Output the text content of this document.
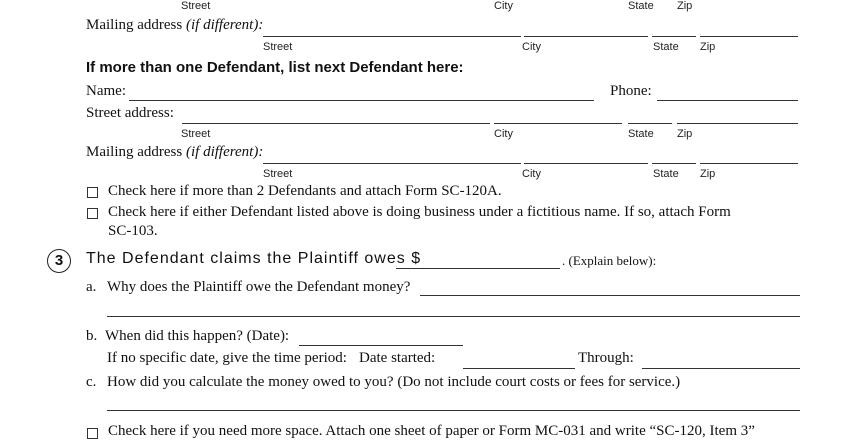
Street	City	State Zip
Mailing address (if different):
Street	City	State Zip
If more than one Defendant, list next Defendant here:
Name:	Phone:
Street address:
Street	City	State Zip
Mailing address (if different):
Street	City	State Zip
Check here if more than 2 Defendants and attach Form SC-120A.
Check here if either Defendant listed above is doing business under a fictitious name. If so, attach Form
SC-103.
3	The Defendant claims the Plaintiff owes $	. (Explain below):
a. Why does the Plaintiff owe the Defendant money?
b. When did this happen? (Date):
If no specific date, give the time period: Date started:	Through:
c. How did you calculate the money owed to you? (Do not include court costs or fees for service.)
Check here if you need more space. Attach one sheet of paper or Form MC-031 and write “SC-120, Item 3”
